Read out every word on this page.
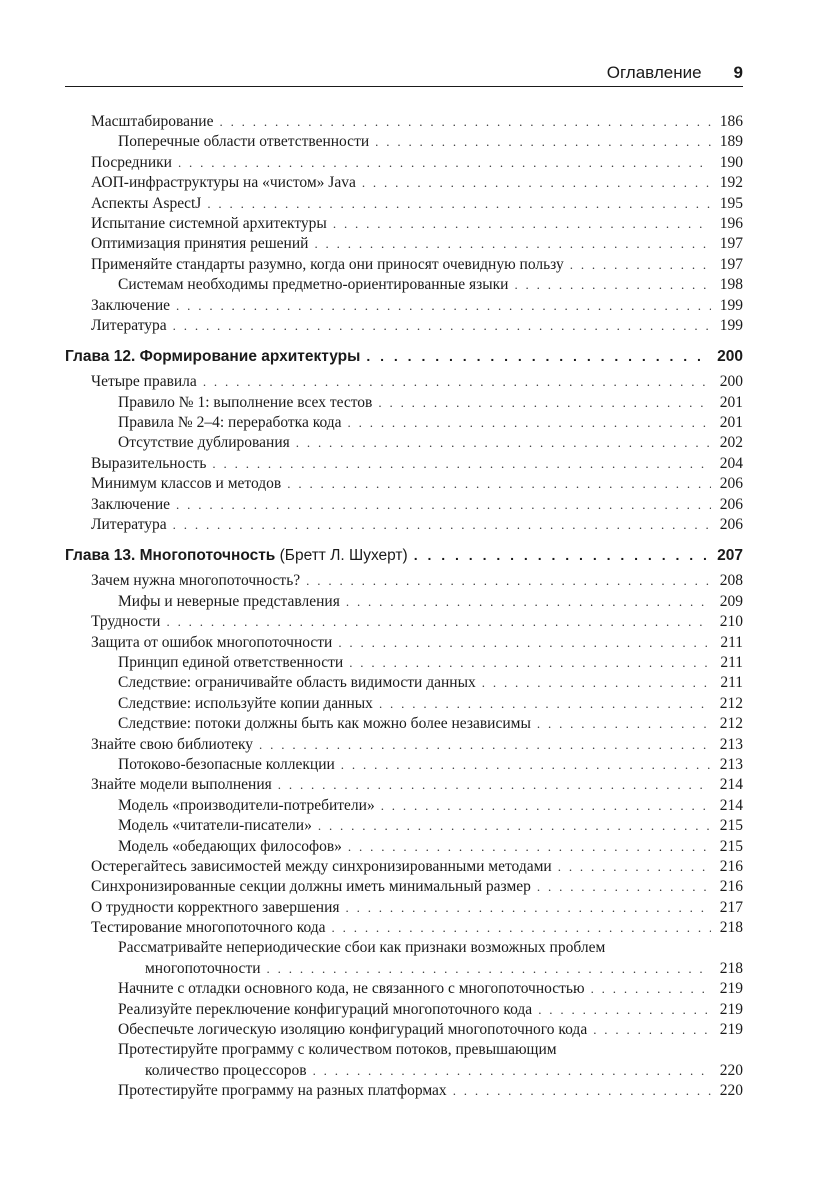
Оглавление 9
Масштабирование . . .	186
Поперечные области ответственности . . .	189
Посредники . . .	190
АОП-инфраструктуры на «чистом» Java . . .	192
Аспекты AspectJ . . .	195
Испытание системной архитектуры . . .	196
Оптимизация принятия решений . . .	197
Применяйте стандарты разумно, когда они приносят очевидную пользу . . .	197
Системам необходимы предметно-ориентированные языки . . .	198
Заключение . . .	199
Литература . . .	199
Глава 12. Формирование архитектуры . . .	200
Четыре правила . . .	200
Правило № 1: выполнение всех тестов . . .	201
Правила № 2–4: переработка кода . . .	201
Отсутствие дублирования . . .	202
Выразительность . . .	204
Минимум классов и методов . . .	206
Заключение . . .	206
Литература . . .	206
Глава 13. Многопоточность (Бретт Л. Шухерт) . . .	207
Зачем нужна многопоточность? . . .	208
Мифы и неверные представления . . .	209
Трудности . . .	210
Защита от ошибок многопоточности . . .	211
Принцип единой ответственности . . .	211
Следствие: ограничивайте область видимости данных . . .	211
Следствие: используйте копии данных . . .	212
Следствие: потоки должны быть как можно более независимы . . .	212
Знайте свою библиотеку . . .	213
Потоково-безопасные коллекции . . .	213
Знайте модели выполнения . . .	214
Модель «производители-потребители» . . .	214
Модель «читатели-писатели» . . .	215
Модель «обедающих философов» . . .	215
Остерегайтесь зависимостей между синхронизированными методами . . .	216
Синхронизированные секции должны иметь минимальный размер . . .	216
О трудности корректного завершения . . .	217
Тестирование многопоточного кода . . .	218
Рассматривайте непериодические сбои как признаки возможных проблем
многопоточности . . .	218
Начните с отладки основного кода, не связанного с многопоточностью . . .	219
Реализуйте переключение конфигураций многопоточного кода . . .	219
Обеспечьте логическую изоляцию конфигураций многопоточного кода . . .	219
Протестируйте программу с количеством потоков, превышающим
количество процессоров . . .	220
Протестируйте программу на разных платформах . . .	220
